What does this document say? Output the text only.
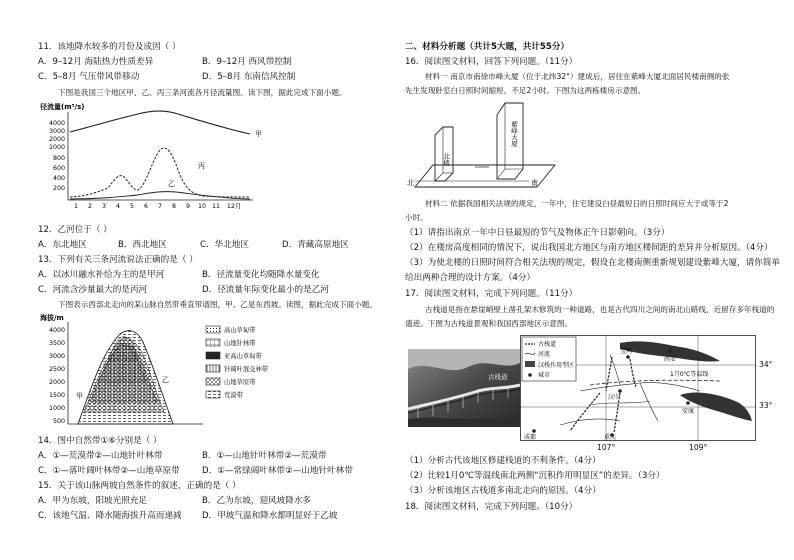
11．该地降水较多的月份及成因（ ）
A．9–12月 海陆热力性质差异	B．9–12月 西风带控制
C．5–8月 气压带风带移动	D．5–8月 东南信风控制
下图是我国三个地区甲、乙、丙三条河流各月径流量图。读下图，据此完成下面小题。
径流量(m³/s)
4000
3000
2000
1000
800
600
400
200
1 2 3 4 5 6 7 8 9 10 11 12月
甲
丙
乙
12．乙河位于（ ）
A．东北地区	B．西北地区	C．华北地区	D．青藏高原地区
13．下列有关三条河流说法正确的是（ ）
A．以冰川融水补给为主的是甲河	B．径流量变化均随降水量变化
C．河流含沙量最大的是丙河	D．径流量年际变化最小的是乙河
下图表示西部北走向的某山脉自然带垂直带谱图，甲、乙是东西坡。读图，据此完成下面小题。
海拔/m
4000
3500
3000
2500
2000
1500
1000
500
甲
乙
高山草甸带
山地针林带
亚高山草甸带
针阔叶混交林带
山地草原带
荒漠带
14．图中自然带①⑥分别是（ ）
A．①—荒漠带②—山地针叶林带	B．①—山地针叶林带②—荒漠带
C．①—落叶阔叶林带②—山地草原带	D．①—常绿阔叶林带②—山地针叶林带
15．关于该山脉两坡自然条件的叙述，正确的是（ ）
A．甲为东坡，阳坡光照充足	B．乙为东坡，迎风坡降水多
C．该地气温、降水随海拔升高而递减 D．甲坡气温和降水都明显好于乙坡
二、材料分析题（共计5大题，共计55分）
16．阅读图文材料，回答下列问题。（11分）
材料一 南京市南徐市峰大厦（位于北纬32°）建成后，居住在紫峰大厦北面居民楼南侧的张
先生发现卧室白日照时间缩短，不足2小时。下图为这两栋楼房示意图。
北楼
紫峰大厦
北	南
材料二 依据我国相关法规的规定，一年中，住宅建设白昼最短日的日照时间应大于或等于2
小时。
（1）请指出南京一年中日昼最短的节气及物体正午日影朝向。（3分）
（2）在楼房高度相同的情况下，说出我国北方地区与南方地区楼间距的差异并分析原因。（4分）
（3）为使北楼的日照时间符合相关法规的规定，假设在北楼南侧重新规划建设紫峰大厦，请你简单
给出两种合理的设计方案。（4分）
17．阅读图文材料，完成下列问题。（11分）
古栈道是指在悬崖峭壁上凿孔架木修筑的一种道路，也是古代四川之间的南北山路线，近留存多年栈道的
遗迹。下图为古栈道景观和我国西部地区示意图。
古栈道
古栈道
河流
汉栈作用型区
城市	1月0℃等温线
宝鸡
西安
汉中
安康
成都	重庆
34°
33°
107°	109°
（1）分析古代该地区修建栈道的不利条件。（4分）
（2）比较1月0℃等温线南北两侧“沉积作用明显区”的差异。（3分）
（3）分析该地区古栈道多南北走向的原因。（4分）
18．阅读图文材料，完成下列问题。（10分）
